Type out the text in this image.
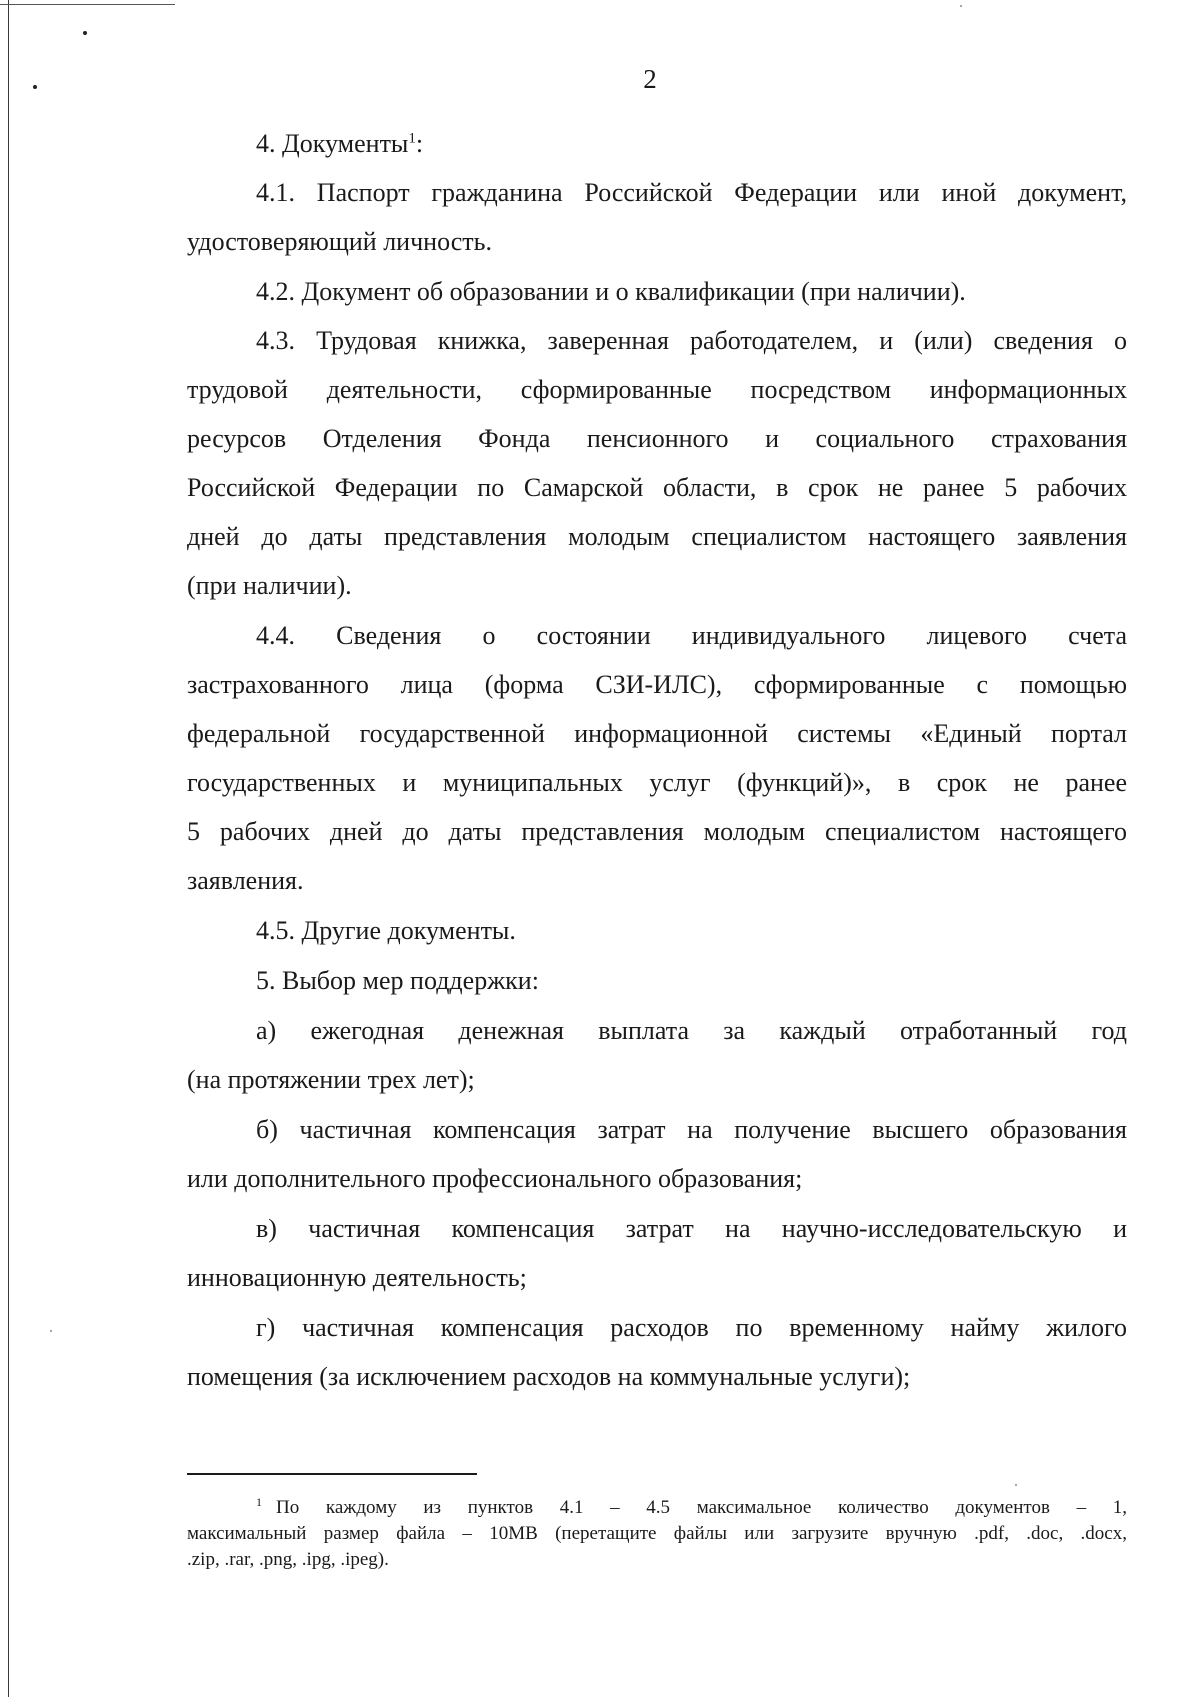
2
4. Документы$^1$:
4.1. Паспорт гражданина Российской Федерации или иной документ,
удостоверяющий личность.
4.2. Документ об образовании и о квалификации (при наличии).
4.3. Трудовая книжка, заверенная работодателем, и (или) сведения о
трудовой деятельности, сформированные посредством информационных
ресурсов Отделения Фонда пенсионного и социального страхования
Российской Федерации по Самарской области, в срок не ранее 5 рабочих
дней до даты представления молодым специалистом настоящего заявления
(при наличии).
4.4. Сведения о состоянии индивидуального лицевого счета
застрахованного лица (форма СЗИ-ИЛС), сформированные с помощью
федеральной государственной информационной системы «Единый портал
государственных и муниципальных услуг (функций)», в срок не ранее
5 рабочих дней до даты представления молодым специалистом настоящего
заявления.
4.5. Другие документы.
5. Выбор мер поддержки:
а) ежегодная денежная выплата за каждый отработанный год
(на протяжении трех лет);
б) частичная компенсация затрат на получение высшего образования
или дополнительного профессионального образования;
в) частичная компенсация затрат на научно-исследовательскую и
инновационную деятельность;
г) частичная компенсация расходов по временному найму жилого
помещения (за исключением расходов на коммунальные услуги);
$^1$ По каждому из пунктов 4.1 – 4.5 максимальное количество документов – 1,
максимальный размер файла – 10MB (перетащите файлы или загрузите вручную .pdf, .doc, .docx,
.zip, .rar, .png, .ipg, .ipeg).
